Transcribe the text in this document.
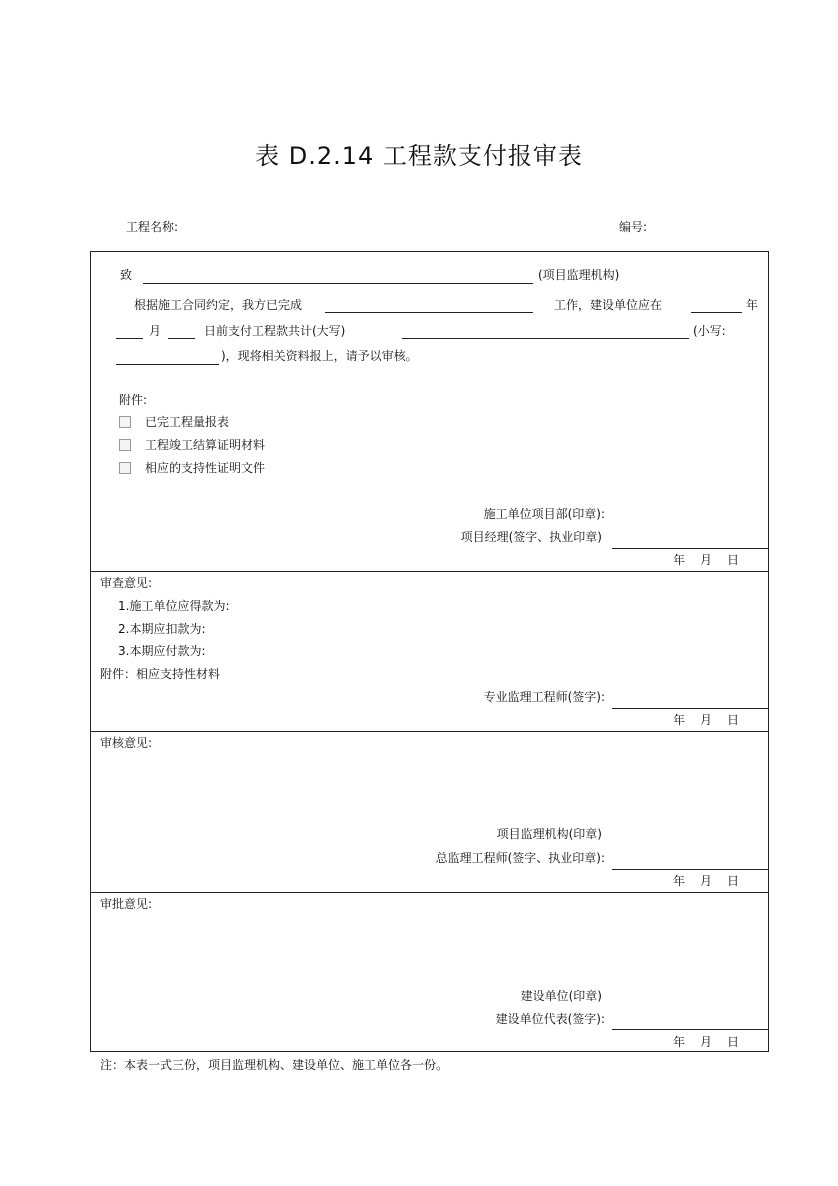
表 D.2.14 工程款支付报审表
工程名称:	编号:
致	(项目监理机构)
根据施工合同约定，我方已完成	工作，建设单位应在	年
月	日前支付工程款共计(大写)	(小写:
)，现将相关资料报上，请予以审核。
附件:
已完工程量报表
工程竣工结算证明材料
相应的支持性证明文件
施工单位项目部(印章):
项目经理(签字、执业印章)
年 月 日
审查意见:
1.施工单位应得款为:
2.本期应扣款为:
3.本期应付款为:
附件：相应支持性材料
专业监理工程师(签字):
年 月 日
审核意见:
项目监理机构(印章)
总监理工程师(签字、执业印章):
年 月 日
审批意见:
建设单位(印章)
建设单位代表(签字):
年 月 日
注：本表一式三份，项目监理机构、建设单位、施工单位各一份。
